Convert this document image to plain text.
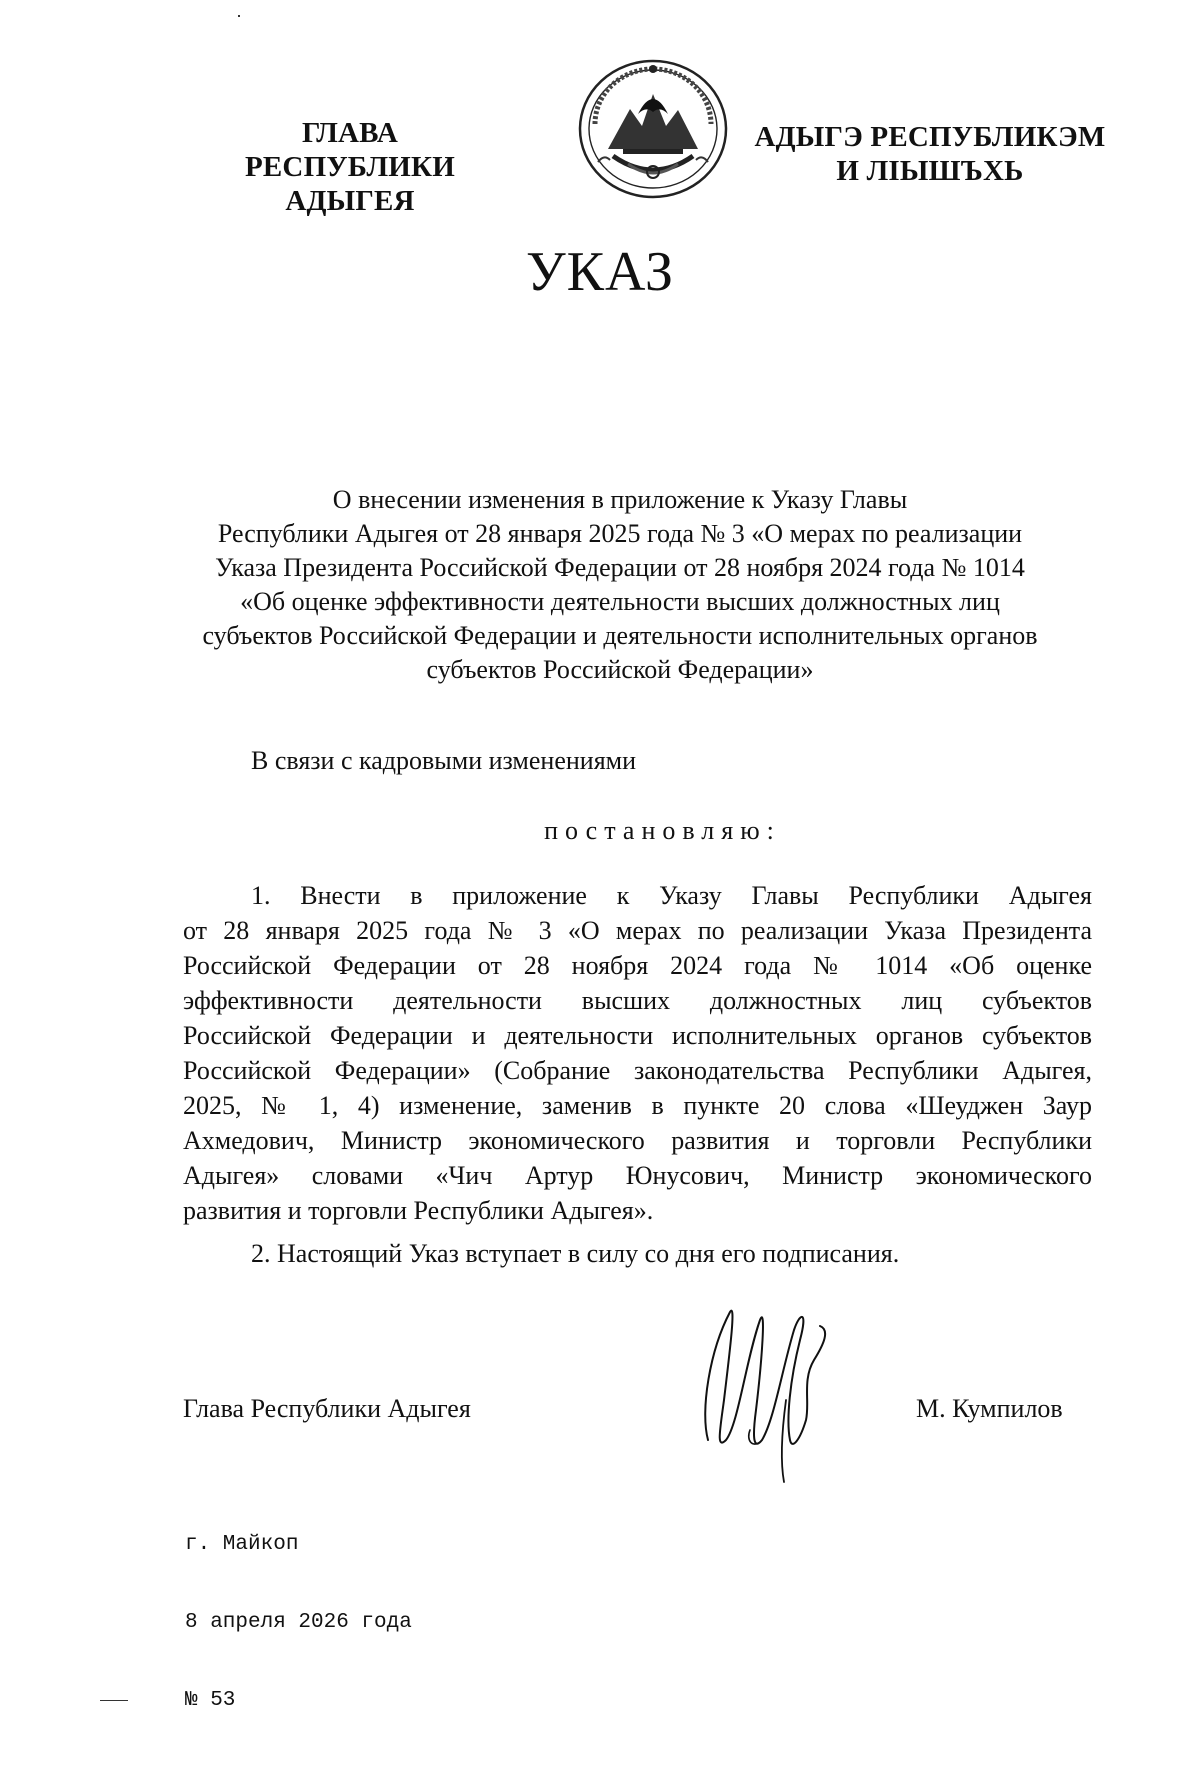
ГЛАВА
РЕСПУБЛИКИ АДЫГЕЯ
АДЫГЭ РЕСПУБЛИКЭМ
И ЛІЫШЪХЬ
УКАЗ
О внесении изменения в приложение к Указу Главы
Республики Адыгея от 28 января 2025 года № 3 «О мерах по реализации
Указа Президента Российской Федерации от 28 ноября 2024 года № 1014
«Об оценке эффективности деятельности высших должностных лиц
субъектов Российской Федерации и деятельности исполнительных органов
субъектов Российской Федерации»
В связи с кадровыми изменениями
постановляю:
1. Внести в приложение к Указу Главы Республики Адыгея
от 28 января 2025 года № 3 «О мерах по реализации Указа Президента
Российской Федерации от 28 ноября 2024 года № 1014 «Об оценке
эффективности деятельности высших должностных лиц субъектов
Российской Федерации и деятельности исполнительных органов субъектов
Российской Федерации» (Собрание законодательства Республики Адыгея,
2025, № 1, 4) изменение, заменив в пункте 20 слова «Шеуджен Заур
Ахмедович, Министр экономического развития и торговли Республики
Адыгея» словами «Чич Артур Юнусович, Министр экономического
развития и торговли Республики Адыгея».
2. Настоящий Указ вступает в силу со дня его подписания.
Глава Республики Адыгея	М. Кумпилов

г. Майкоп

8 апреля 2026 года

№ 53
